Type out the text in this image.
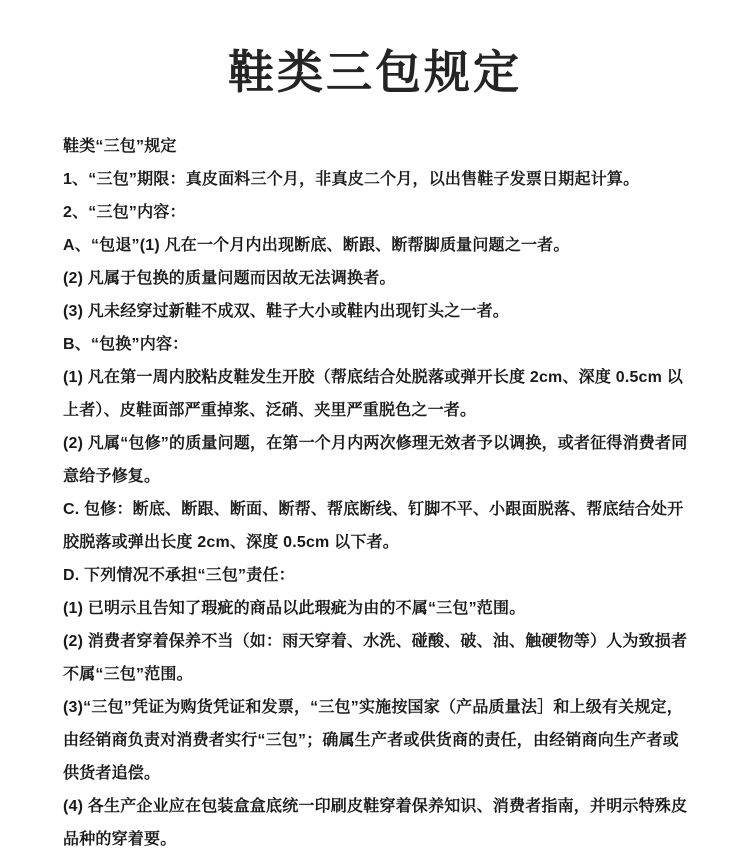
鞋类三包规定

鞋类“三包”规定

1、“三包”期限：真皮面料三个月，非真皮二个月，以出售鞋子发票日期起计算。

2、“三包”内容：

A、“包退”(1) 凡在一个月内出现断底、断跟、断帮脚质量问题之一者。

(2) 凡属于包换的质量问题而因故无法调换者。

(3) 凡未经穿过新鞋不成双、鞋子大小或鞋内出现钉头之一者。

B、“包换”内容：

(1) 凡在第一周内胶粘皮鞋发生开胶（帮底结合处脱落或弹开长度 2cm、深度 0.5cm 以上者）、皮鞋面部严重掉浆、泛硝、夹里严重脱色之一者。

(2) 凡属“包修”的质量问题，在第一个月内两次修理无效者予以调换，或者征得消费者同意给予修复。

C. 包修：断底、断跟、断面、断帮、帮底断线、钉脚不平、小跟面脱落、帮底结合处开胶脱落或弹出长度 2cm、深度 0.5cm 以下者。

D. 下列情况不承担“三包”责任：

(1) 已明示且告知了瑕疵的商品以此瑕疵为由的不属“三包”范围。

(2) 消费者穿着保养不当（如：雨天穿着、水洗、碰酸、破、油、触硬物等）人为致损者不属“三包”范围。

(3)“三包”凭证为购货凭证和发票，“三包”实施按国家（产品质量法］和上级有关规定，由经销商负责对消费者实行“三包”；确属生产者或供货商的责任，由经销商向生产者或供货者追偿。

(4) 各生产企业应在包装盒盒底统一印刷皮鞋穿着保养知识、消费者指南，并明示特殊皮品种的穿着要。
